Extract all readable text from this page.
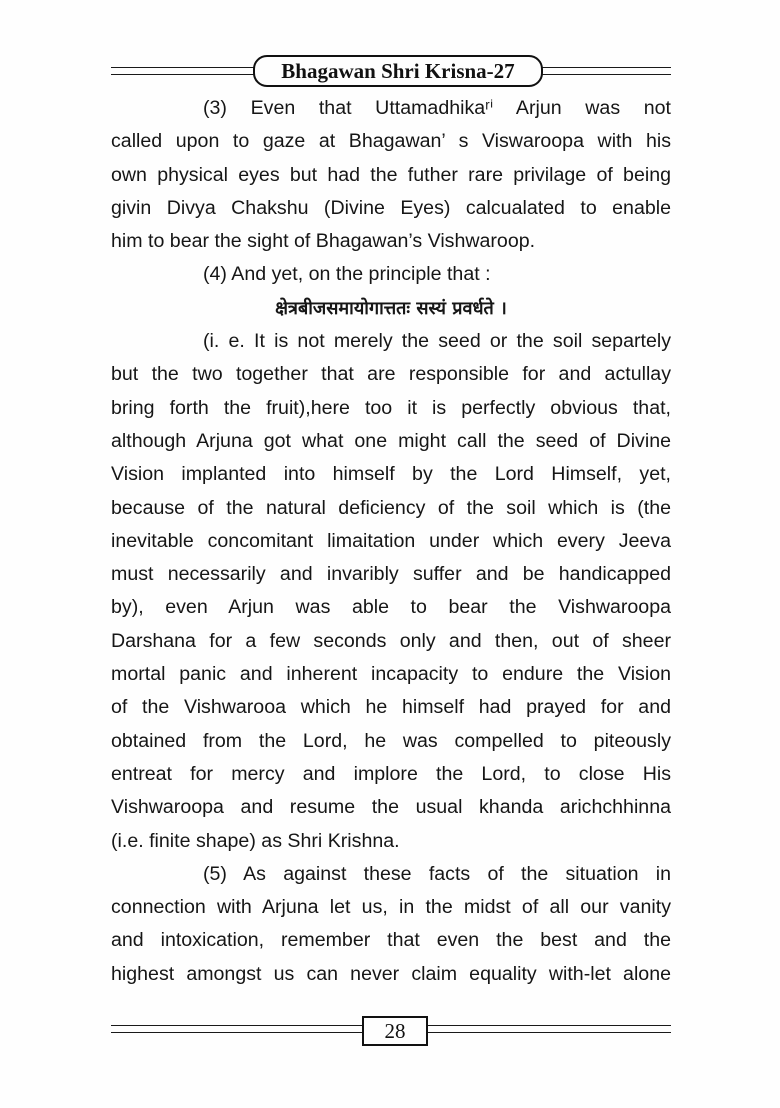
Bhagawan Shri Krisna-27
(3) Even that Uttamadhikaʳⁱ Arjun was not
called upon to gaze at Bhagawan’ s Viswaroopa with his
own physical eyes but had the futher rare privilage of being
givin Divya Chakshu (Divine Eyes) calcualated to enable
him to bear the sight of Bhagawan’s Vishwaroop.
(4) And yet, on the principle that :
क्षेत्रबीजसमायोगात्ततः सस्यं प्रवर्धते ।
(i. e. It is not merely the seed or the soil separtely
but the two together that are responsible for and actullay
bring forth the fruit),here too it is perfectly obvious that,
although Arjuna got what one might call the seed of Divine
Vision implanted into himself by the Lord Himself, yet,
because of the natural deficiency of the soil which is (the
inevitable concomitant limaitation under which every Jeeva
must necessarily and invaribly suffer and be handicapped
by), even Arjun was able to bear the Vishwaroopa
Darshana for a few seconds only and then, out of sheer
mortal panic and inherent incapacity to endure the Vision
of the Vishwarooa which he himself had prayed for and
obtained from the Lord, he was compelled to piteously
entreat for mercy and implore the Lord, to close His
Vishwaroopa and resume the usual khanda arichchhinna
(i.e. finite shape) as Shri Krishna.
(5) As against these facts of the situation in
connection with Arjuna let us, in the midst of all our vanity
and intoxication, remember that even the best and the
highest amongst us can never claim equality with-let alone
28
